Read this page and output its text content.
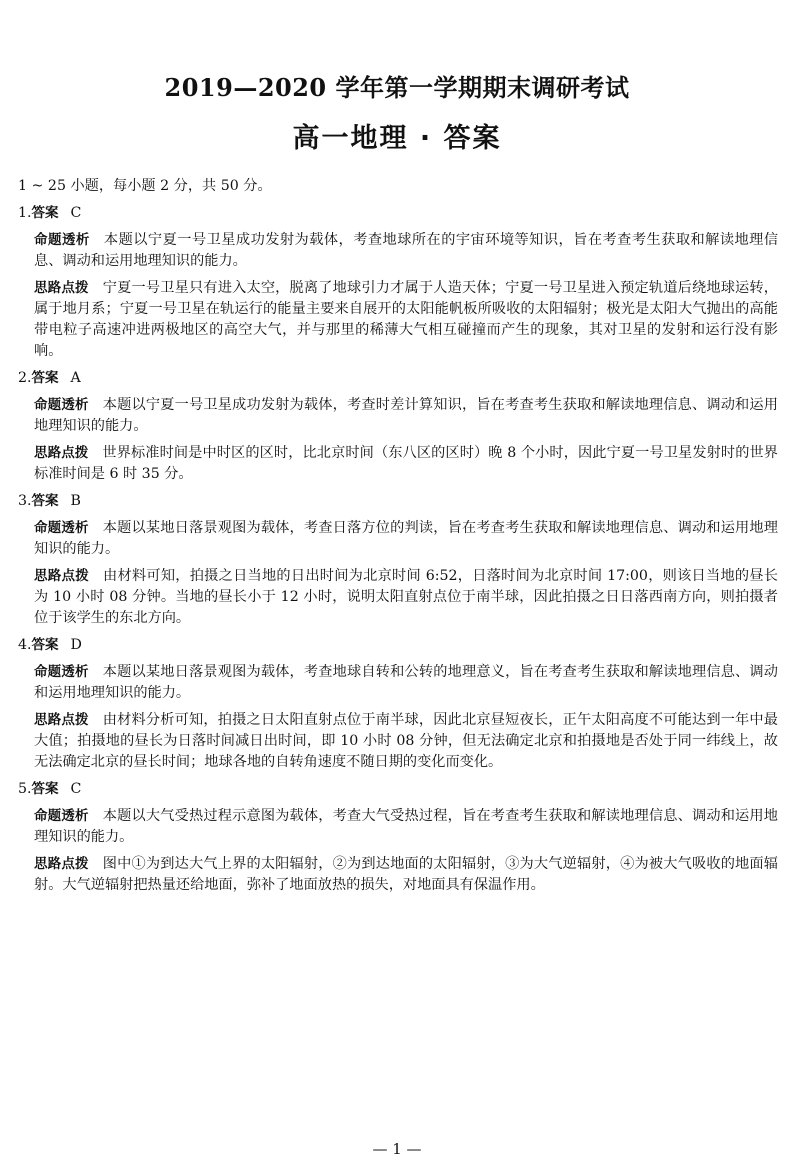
2019—2020 学年第一学期期末调研考试
高一地理 · 答案

1 ~ 25 小题，每小题 2 分，共 50 分。

1.答案 C

命题透析 本题以宁夏一号卫星成功发射为载体，考查地球所在的宇宙环境等知识，旨在考查考生获取和解读地理信息、调动和运用地理知识的能力。

思路点拨 宁夏一号卫星只有进入太空，脱离了地球引力才属于人造天体；宁夏一号卫星进入预定轨道后绕地球运转，属于地月系；宁夏一号卫星在轨运行的能量主要来自展开的太阳能帆板所吸收的太阳辐射；极光是太阳大气抛出的高能带电粒子高速冲进两极地区的高空大气，并与那里的稀薄大气相互碰撞而产生的现象，其对卫星的发射和运行没有影响。

2.答案 A

命题透析 本题以宁夏一号卫星成功发射为载体，考查时差计算知识，旨在考查考生获取和解读地理信息、调动和运用地理知识的能力。

思路点拨 世界标准时间是中时区的区时，比北京时间（东八区的区时）晚 8 个小时，因此宁夏一号卫星发射时的世界标准时间是 6 时 35 分。

3.答案 B

命题透析 本题以某地日落景观图为载体，考查日落方位的判读，旨在考查考生获取和解读地理信息、调动和运用地理知识的能力。

思路点拨 由材料可知，拍摄之日当地的日出时间为北京时间 6:52，日落时间为北京时间 17:00，则该日当地的昼长为 10 小时 08 分钟。当地的昼长小于 12 小时，说明太阳直射点位于南半球，因此拍摄之日日落西南方向，则拍摄者位于该学生的东北方向。

4.答案 D

命题透析 本题以某地日落景观图为载体，考查地球自转和公转的地理意义，旨在考查考生获取和解读地理信息、调动和运用地理知识的能力。

思路点拨 由材料分析可知，拍摄之日太阳直射点位于南半球，因此北京昼短夜长，正午太阳高度不可能达到一年中最大值；拍摄地的昼长为日落时间减日出时间，即 10 小时 08 分钟，但无法确定北京和拍摄地是否处于同一纬线上，故无法确定北京的昼长时间；地球各地的自转角速度不随日期的变化而变化。

5.答案 C

命题透析 本题以大气受热过程示意图为载体，考查大气受热过程，旨在考查考生获取和解读地理信息、调动和运用地理知识的能力。

思路点拨 图中①为到达大气上界的太阳辐射，②为到达地面的太阳辐射，③为大气逆辐射，④为被大气吸收的地面辐射。大气逆辐射把热量还给地面，弥补了地面放热的损失，对地面具有保温作用。

— 1 —
